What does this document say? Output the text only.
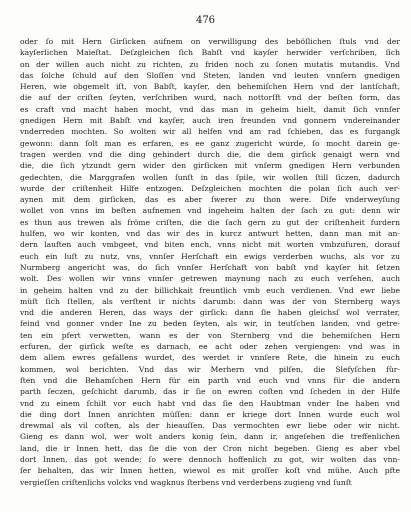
476
oder ſo mit Hern Girſicken aufnem on verwilligung des beböſlichen ſtuls vnd der
kayſerlichen Maieſtat. Deſzgleichen ſich Babſt vnd kayſer herwider verſchriben, ſich
on der willen auch nicht zu richten, zu friden noch zu ſonen mutatis mutandis. Vnd
das ſolche ſchuld auf den Sloſſen vnd Steten, landen vnd leuten vnnſern gnedigen
Heren, wie obgemelt iſt, von Babſt, kayſer, den behemiſchen Hern vnd der lantſchaft,
die auf der criſten ſeyten, verſchriben wurd, nach nottorſft vnd der beſten form, das
es craft vnd macht haben mocht, vnd das man in geheim hielt, damit ſich vnnſer
gnedigen Hern mit Babſt vnd kayſer, auch iren freunden vnd gonnern vndereinander
vnderreden mochten. So wolten wir all helfen vnd am rad ſchieben, das es furgangk
gewonn: dann ſolt man es erfaren, es ee ganz zugericht wurde, ſo mocht darein ge-
tragen werden vnd die ding gehindert durch die, die dem girſick genaigt wern vnd
die, die ſich ytzundt gern wider den girſicken mit vnſerm gnedigen Hern verbunden
gedechten, die Marggrafen wollen ſunſt in das ſpile, wir wollen ſtill ſiczen, dadurch
wurde der criſtenheit Hilfe entzogen. Deſzgleichen mochten die polan ſich auch ver-
aynen mit dem girſicken, das es aber ſwerer zu thon were. Dife vnderweyſung
wollet von vnns im beſten aufnemen vnd ingeheim halten der ſach zu gut: denn wir
es thun aus trewen als fröme criſten, die die ſach gern zu gut der criſtenheit furdern
hulfen, wo wir konten, vnd das wir des in kurcz antwurt hetten, dann man mit an-
dern lauften auch vmbgeet, vnd biten ench, vnns nicht mit worten vmbzufuren, dorauf
euch ein luſt zu nutz, vns, vnnſer Herſchaft ein ewigs verderben wuchs, als vor zu
Nurmberg angericht was, do ſich vnnſer Herſchaft von babſt vnd kayſer hit ſetzen
wolt. Des wollen wir vnns vnnſer getrewen maynung nach zu euch verſehen, auch
in geheim halten vnd zu der billichkait freuntlich vmb euch verdienen. Vnd ewr liebe
müſt ſich ſtellen, als verſtent ir nichts darumb: dann was der von Sternberg ways
vnd die anderen Heren, das ways der girſick: dann ſie haben gleichsſ wol verrater,
feind vnd gonner vnder Ine zu beden ſeyten, als wir, in teutſchen landen, vnd getre-
ten ein pfert verwetten, wann es der von Sternberg vnd die behemiſchen Hern
erfuren, der girſick weſte es darnach, ee acht oder zehen vergiengen: vnd was in
dem allem ewres gefallens wurdet, des werdet ir vnnſere Rete, die hinein zu euch
kommen, wol berichten. Vnd das wir Merhern vnd pilſen, die Slefyſchen für-
ſten vnd die Behamſchen Hern für ein parth vnd euch vnd vnns für die andern
parth ſeczen, geſchicht darumb, das ir ſie on ewren coſten vnd ſcheden in der Hilfe
vnd zu einem ſchilt vor euch habt vnd das ſie den Haubtman vnder Ine haben vnd
die ding dort Innen anrichten müſſen: dann er kriege dort Innen wurde euch wol
drewmal als vil coſten, als der hieauſſen. Das vermochten ewr liebe oder wir nicht.
Gieng es dann wol, wer wolt anders konig ſein, dann ir, angeſehen die treffenlichen
land, die ir Innen hett, das ſie die von der Cron nicht begeben. Gieng es aber vbel
dort Innen, das got wende; ſo were dennoch hoffenlich zu got, wir wolten das vnn-
ſer behalten, das wir Innen hetten, wiewol es mit groſſer koſt vnd mühe. Auch pfte
vergieſſen criſtenlichs volcks vnd wagknus ſterbens vnd verderbens zugieng vnd ſunſt
